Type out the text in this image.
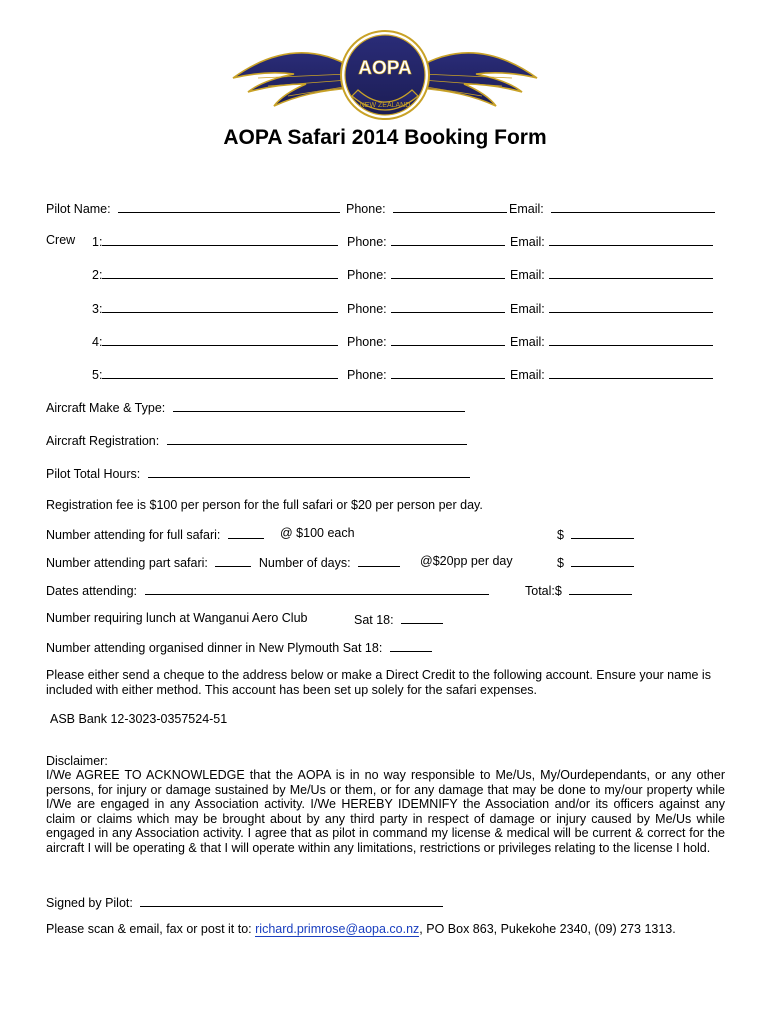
AOPA
NEW ZEALAND
AOPA Safari 2014 Booking Form
Pilot Name:	Phone:	Email:
Crew 1:	Phone:	Email:
2:	Phone:	Email:
3:	Phone:	Email:
4:	Phone:	Email:
5:	Phone:	Email:
Aircraft Make & Type:
Aircraft Registration:
Pilot Total Hours:
Registration fee is $100 per person for the full safari or $20 per person per day.
Number attending for full safari:	@ $100 each	$
Number attending part safari:	Number of days:	@$20pp per day	$
Dates attending:	Total:$
Number requiring lunch at Wanganui Aero Club	Sat 18:
Number attending organised dinner in New Plymouth Sat 18:
Please either send a cheque to the address below or make a Direct Credit to the following account. Ensure your name is included with either method. This account has been set up solely for the safari expenses.
ASB Bank 12-3023-0357524-51
Disclaimer:
I/We AGREE TO ACKNOWLEDGE that the AOPA is in no way responsible to Me/Us, My/Ourdependants, or any other persons, for injury or damage sustained by Me/Us or them, or for any damage that may be done to my/our property while I/We are engaged in any Association activity. I/We HEREBY IDEMNIFY the Association and/or its officers against any claim or claims which may be brought about by any third party in respect of damage or injury caused by Me/Us while engaged in any Association activity. I agree that as pilot in command my license & medical will be current & correct for the aircraft I will be operating & that I will operate within any limitations, restrictions or privileges relating to the license I hold.
Signed by Pilot:
Please scan & email, fax or post it to: richard.primrose@aopa.co.nz, PO Box 863, Pukekohe 2340, (09) 273 1313.
